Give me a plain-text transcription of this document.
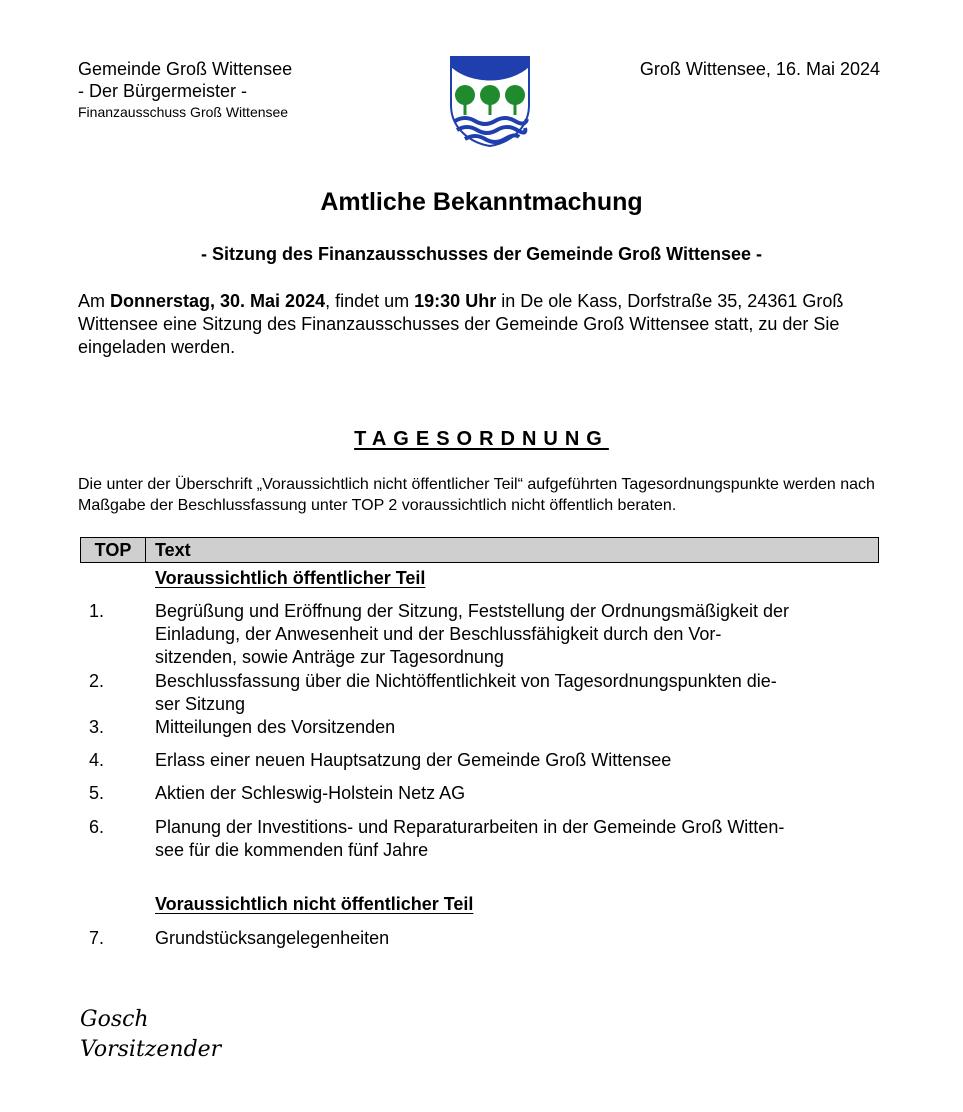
Gemeinde Groß Wittensee
- Der Bürgermeister -
Finanzausschuss Groß Wittensee
Groß Wittensee, 16. Mai 2024
Amtliche Bekanntmachung
- Sitzung des Finanzausschusses der Gemeinde Groß Wittensee -
Am Donnerstag, 30. Mai 2024, findet um 19:30 Uhr in De ole Kass, Dorfstraße 35, 24361 Groß Wittensee eine Sitzung des Finanzausschusses der Gemeinde Groß Wittensee statt, zu der Sie eingeladen werden.
TAGESORDNUNG
Die unter der Überschrift „Voraussichtlich nicht öffentlicher Teil“ aufgeführten Tagesordnungspunkte werden nach Maßgabe der Beschlussfassung unter TOP 2 voraussichtlich nicht öffentlich beraten.
TOP	Text
Voraussichtlich öffentlicher Teil
1.	Begrüßung und Eröffnung der Sitzung, Feststellung der Ordnungsmäßigkeit der
Einladung, der Anwesenheit und der Beschlussfähigkeit durch den Vor-
sitzenden, sowie Anträge zur Tagesordnung
2.	Beschlussfassung über die Nichtöffentlichkeit von Tagesordnungspunkten die-
ser Sitzung
3.	Mitteilungen des Vorsitzenden
4.	Erlass einer neuen Hauptsatzung der Gemeinde Groß Wittensee
5.	Aktien der Schleswig-Holstein Netz AG
6.	Planung der Investitions- und Reparaturarbeiten in der Gemeinde Groß Witten-
see für die kommenden fünf Jahre
Voraussichtlich nicht öffentlicher Teil
7.	Grundstücksangelegenheiten
Gosch
Vorsitzender
